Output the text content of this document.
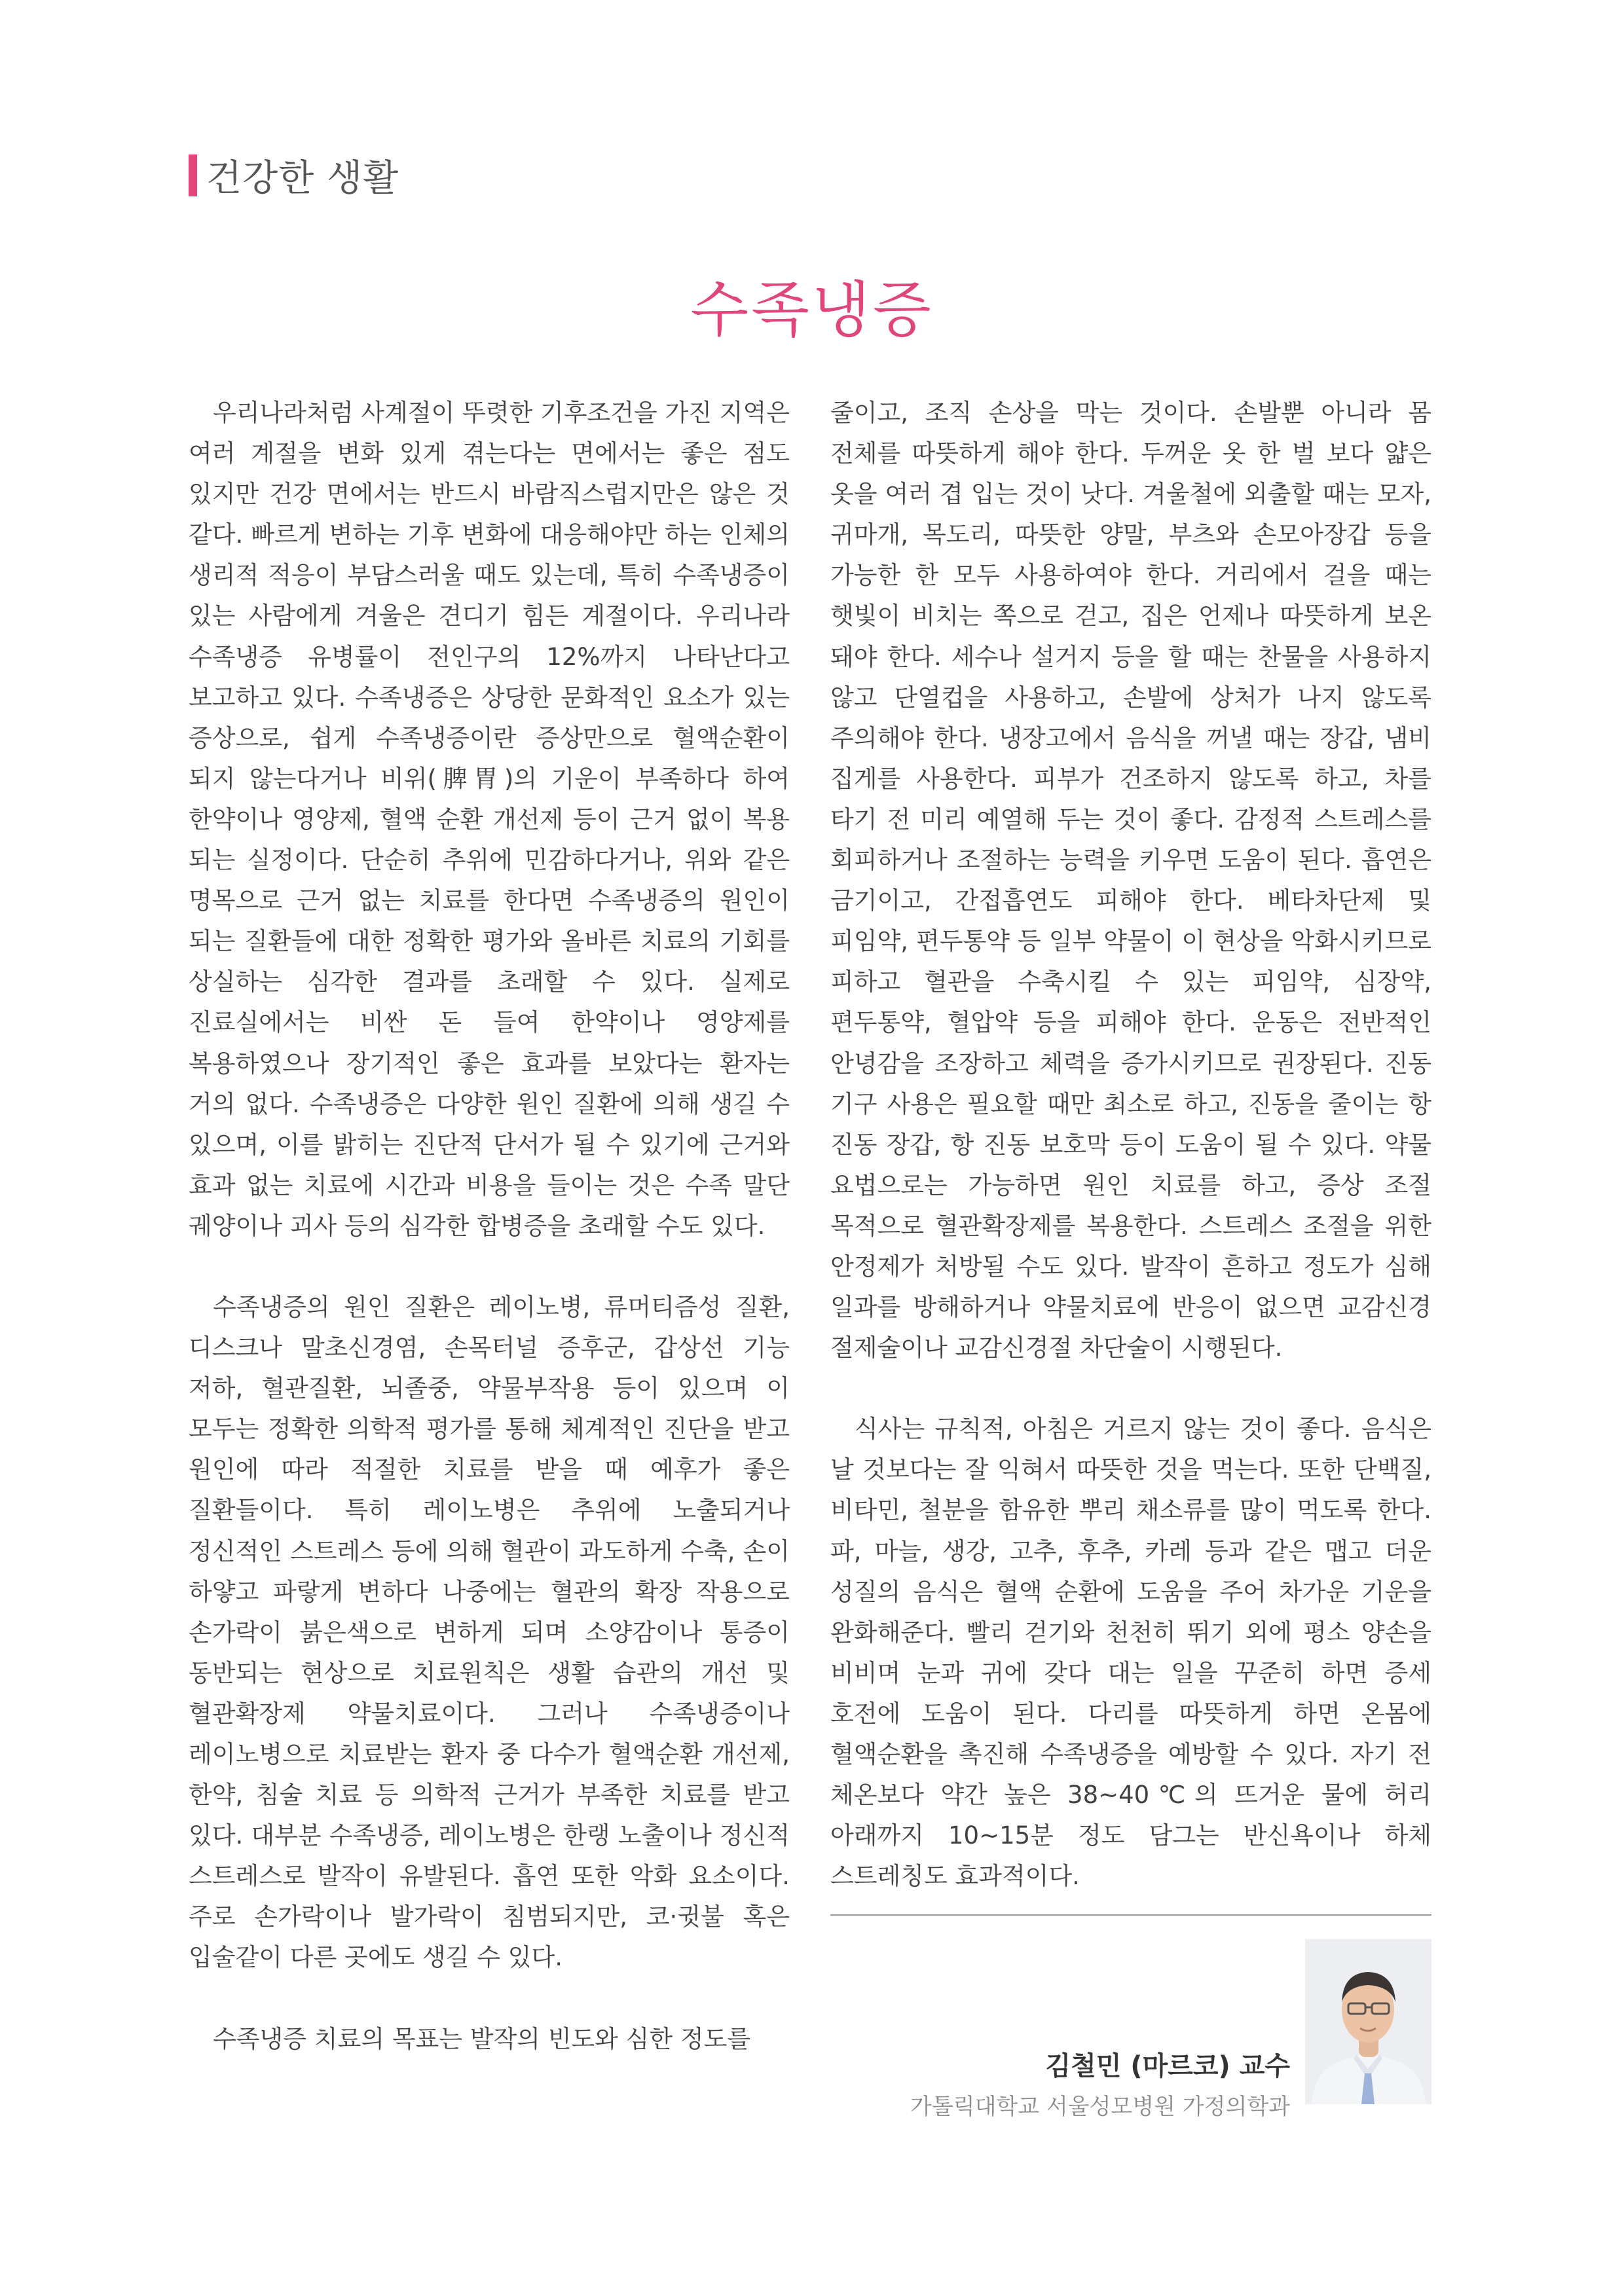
건강한 생활
수족냉증

우리나라처럼 사계절이 뚜렷한 기후조건을 가진 지역은 여러 계절을 변화 있게 겪는다는 면에서는 좋은 점도 있지만 건강 면에서는 반드시 바람직스럽지만은 않은 것 같다. 빠르게 변하는 기후 변화에 대응해야만 하는 인체의 생리적 적응이 부담스러울 때도 있는데, 특히 수족냉증이 있는 사람에게 겨울은 견디기 힘든 계절이다. 우리나라 수족냉증 유병률이 전인구의 12%까지 나타난다고 보고하고 있다. 수족냉증은 상당한 문화적인 요소가 있는 증상으로, 쉽게 수족냉증이란 증상만으로 혈액순환이 되지 않는다거나 비위(脾胃)의 기운이 부족하다 하여 한약이나 영양제, 혈액 순환 개선제 등이 근거 없이 복용 되는 실정이다. 단순히 추위에 민감하다거나, 위와 같은 명목으로 근거 없는 치료를 한다면 수족냉증의 원인이 되는 질환들에 대한 정확한 평가와 올바른 치료의 기회를 상실하는 심각한 결과를 초래할 수 있다. 실제로 진료실에서는 비싼 돈 들여 한약이나 영양제를 복용하였으나 장기적인 좋은 효과를 보았다는 환자는 거의 없다. 수족냉증은 다양한 원인 질환에 의해 생길 수 있으며, 이를 밝히는 진단적 단서가 될 수 있기에 근거와 효과 없는 치료에 시간과 비용을 들이는 것은 수족 말단 궤양이나 괴사 등의 심각한 합병증을 초래할 수도 있다.

수족냉증의 원인 질환은 레이노병, 류머티즘성 질환, 디스크나 말초신경염, 손목터널 증후군, 갑상선 기능 저하, 혈관질환, 뇌졸중, 약물부작용 등이 있으며 이 모두는 정확한 의학적 평가를 통해 체계적인 진단을 받고 원인에 따라 적절한 치료를 받을 때 예후가 좋은 질환들이다. 특히 레이노병은 추위에 노출되거나 정신적인 스트레스 등에 의해 혈관이 과도하게 수축, 손이 하얗고 파랗게 변하다 나중에는 혈관의 확장 작용으로 손가락이 붉은색으로 변하게 되며 소양감이나 통증이 동반되는 현상으로 치료원칙은 생활 습관의 개선 및 혈관확장제 약물치료이다. 그러나 수족냉증이나 레이노병으로 치료받는 환자 중 다수가 혈액순환 개선제, 한약, 침술 치료 등 의학적 근거가 부족한 치료를 받고 있다. 대부분 수족냉증, 레이노병은 한랭 노출이나 정신적 스트레스로 발작이 유발된다. 흡연 또한 악화 요소이다. 주로 손가락이나 발가락이 침범되지만, 코·귓불 혹은 입술같이 다른 곳에도 생길 수 있다.

수족냉증 치료의 목표는 발작의 빈도와 심한 정도를

줄이고, 조직 손상을 막는 것이다. 손발뿐 아니라 몸 전체를 따뜻하게 해야 한다. 두꺼운 옷 한 벌 보다 얇은 옷을 여러 겹 입는 것이 낫다. 겨울철에 외출할 때는 모자, 귀마개, 목도리, 따뜻한 양말, 부츠와 손모아장갑 등을 가능한 한 모두 사용하여야 한다. 거리에서 걸을 때는 햇빛이 비치는 쪽으로 걷고, 집은 언제나 따뜻하게 보온 돼야 한다. 세수나 설거지 등을 할 때는 찬물을 사용하지 않고 단열컵을 사용하고, 손발에 상처가 나지 않도록 주의해야 한다. 냉장고에서 음식을 꺼낼 때는 장갑, 냄비 집게를 사용한다. 피부가 건조하지 않도록 하고, 차를 타기 전 미리 예열해 두는 것이 좋다. 감정적 스트레스를 회피하거나 조절하는 능력을 키우면 도움이 된다. 흡연은 금기이고, 간접흡연도 피해야 한다. 베타차단제 및 피임약, 편두통약 등 일부 약물이 이 현상을 악화시키므로 피하고 혈관을 수축시킬 수 있는 피임약, 심장약, 편두통약, 혈압약 등을 피해야 한다. 운동은 전반적인 안녕감을 조장하고 체력을 증가시키므로 권장된다. 진동 기구 사용은 필요할 때만 최소로 하고, 진동을 줄이는 항 진동 장갑, 항 진동 보호막 등이 도움이 될 수 있다. 약물 요법으로는 가능하면 원인 치료를 하고, 증상 조절 목적으로 혈관확장제를 복용한다. 스트레스 조절을 위한 안정제가 처방될 수도 있다. 발작이 흔하고 정도가 심해 일과를 방해하거나 약물치료에 반응이 없으면 교감신경 절제술이나 교감신경절 차단술이 시행된다.

식사는 규칙적, 아침은 거르지 않는 것이 좋다. 음식은 날 것보다는 잘 익혀서 따뜻한 것을 먹는다. 또한 단백질, 비타민, 철분을 함유한 뿌리 채소류를 많이 먹도록 한다. 파, 마늘, 생강, 고추, 후추, 카레 등과 같은 맵고 더운 성질의 음식은 혈액 순환에 도움을 주어 차가운 기운을 완화해준다. 빨리 걷기와 천천히 뛰기 외에 평소 양손을 비비며 눈과 귀에 갖다 대는 일을 꾸준히 하면 증세 호전에 도움이 된다. 다리를 따뜻하게 하면 온몸에 혈액순환을 촉진해 수족냉증을 예방할 수 있다. 자기 전 체온보다 약간 높은 38~40℃의 뜨거운 물에 허리 아래까지 10~15분 정도 담그는 반신욕이나 하체 스트레칭도 효과적이다.

김철민 (마르코) 교수
가톨릭대학교 서울성모병원 가정의학과
